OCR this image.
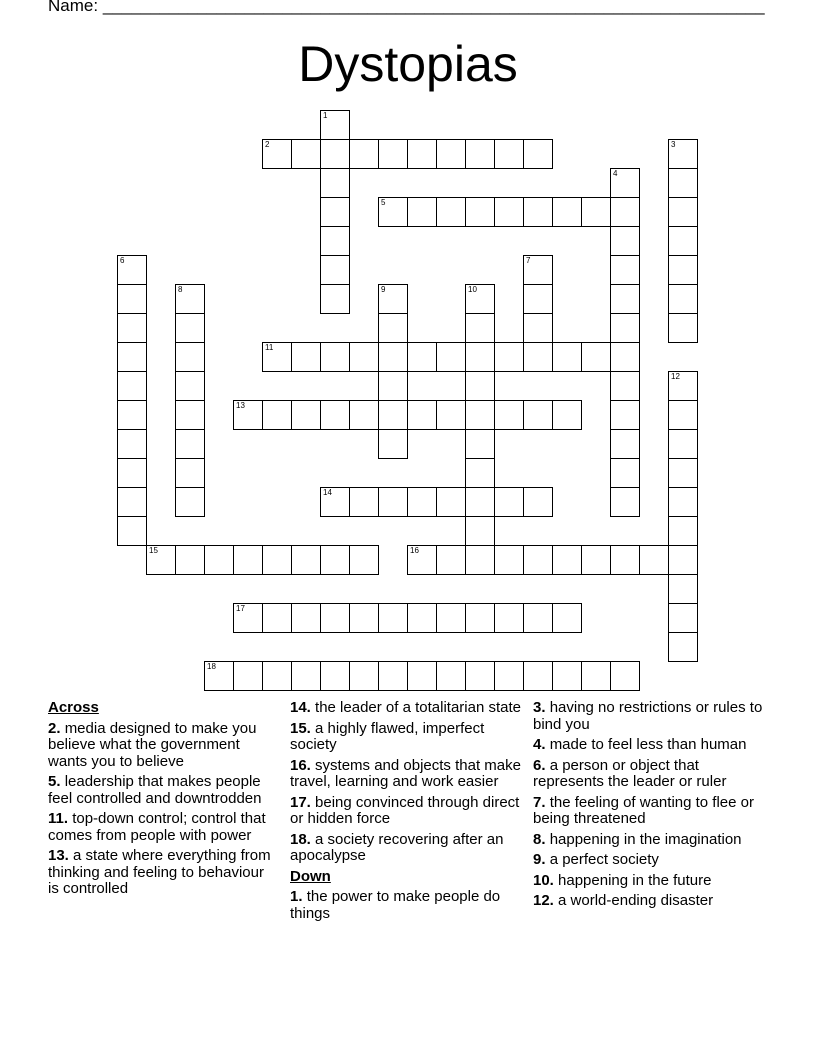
Name: ______________________________________________________________________
Dystopias
1
2	3
4
5
6	7
8	9	10
11
12
13
14
15	16
17
18
Across
2. media designed to make you believe what the government wants you to believe
5. leadership that makes people feel controlled and downtrodden
11. top-down control; control that comes from people with power
13. a state where everything from thinking and feeling to behaviour is controlled
14. the leader of a totalitarian state
15. a highly flawed, imperfect society
16. systems and objects that make travel, learning and work easier
17. being convinced through direct or hidden force
18. a society recovering after an apocalypse
Down
1. the power to make people do things
3. having no restrictions or rules to bind you
4. made to feel less than human
6. a person or object that represents the leader or ruler
7. the feeling of wanting to flee or being threatened
8. happening in the imagination
9. a perfect society
10. happening in the future
12. a world-ending disaster
